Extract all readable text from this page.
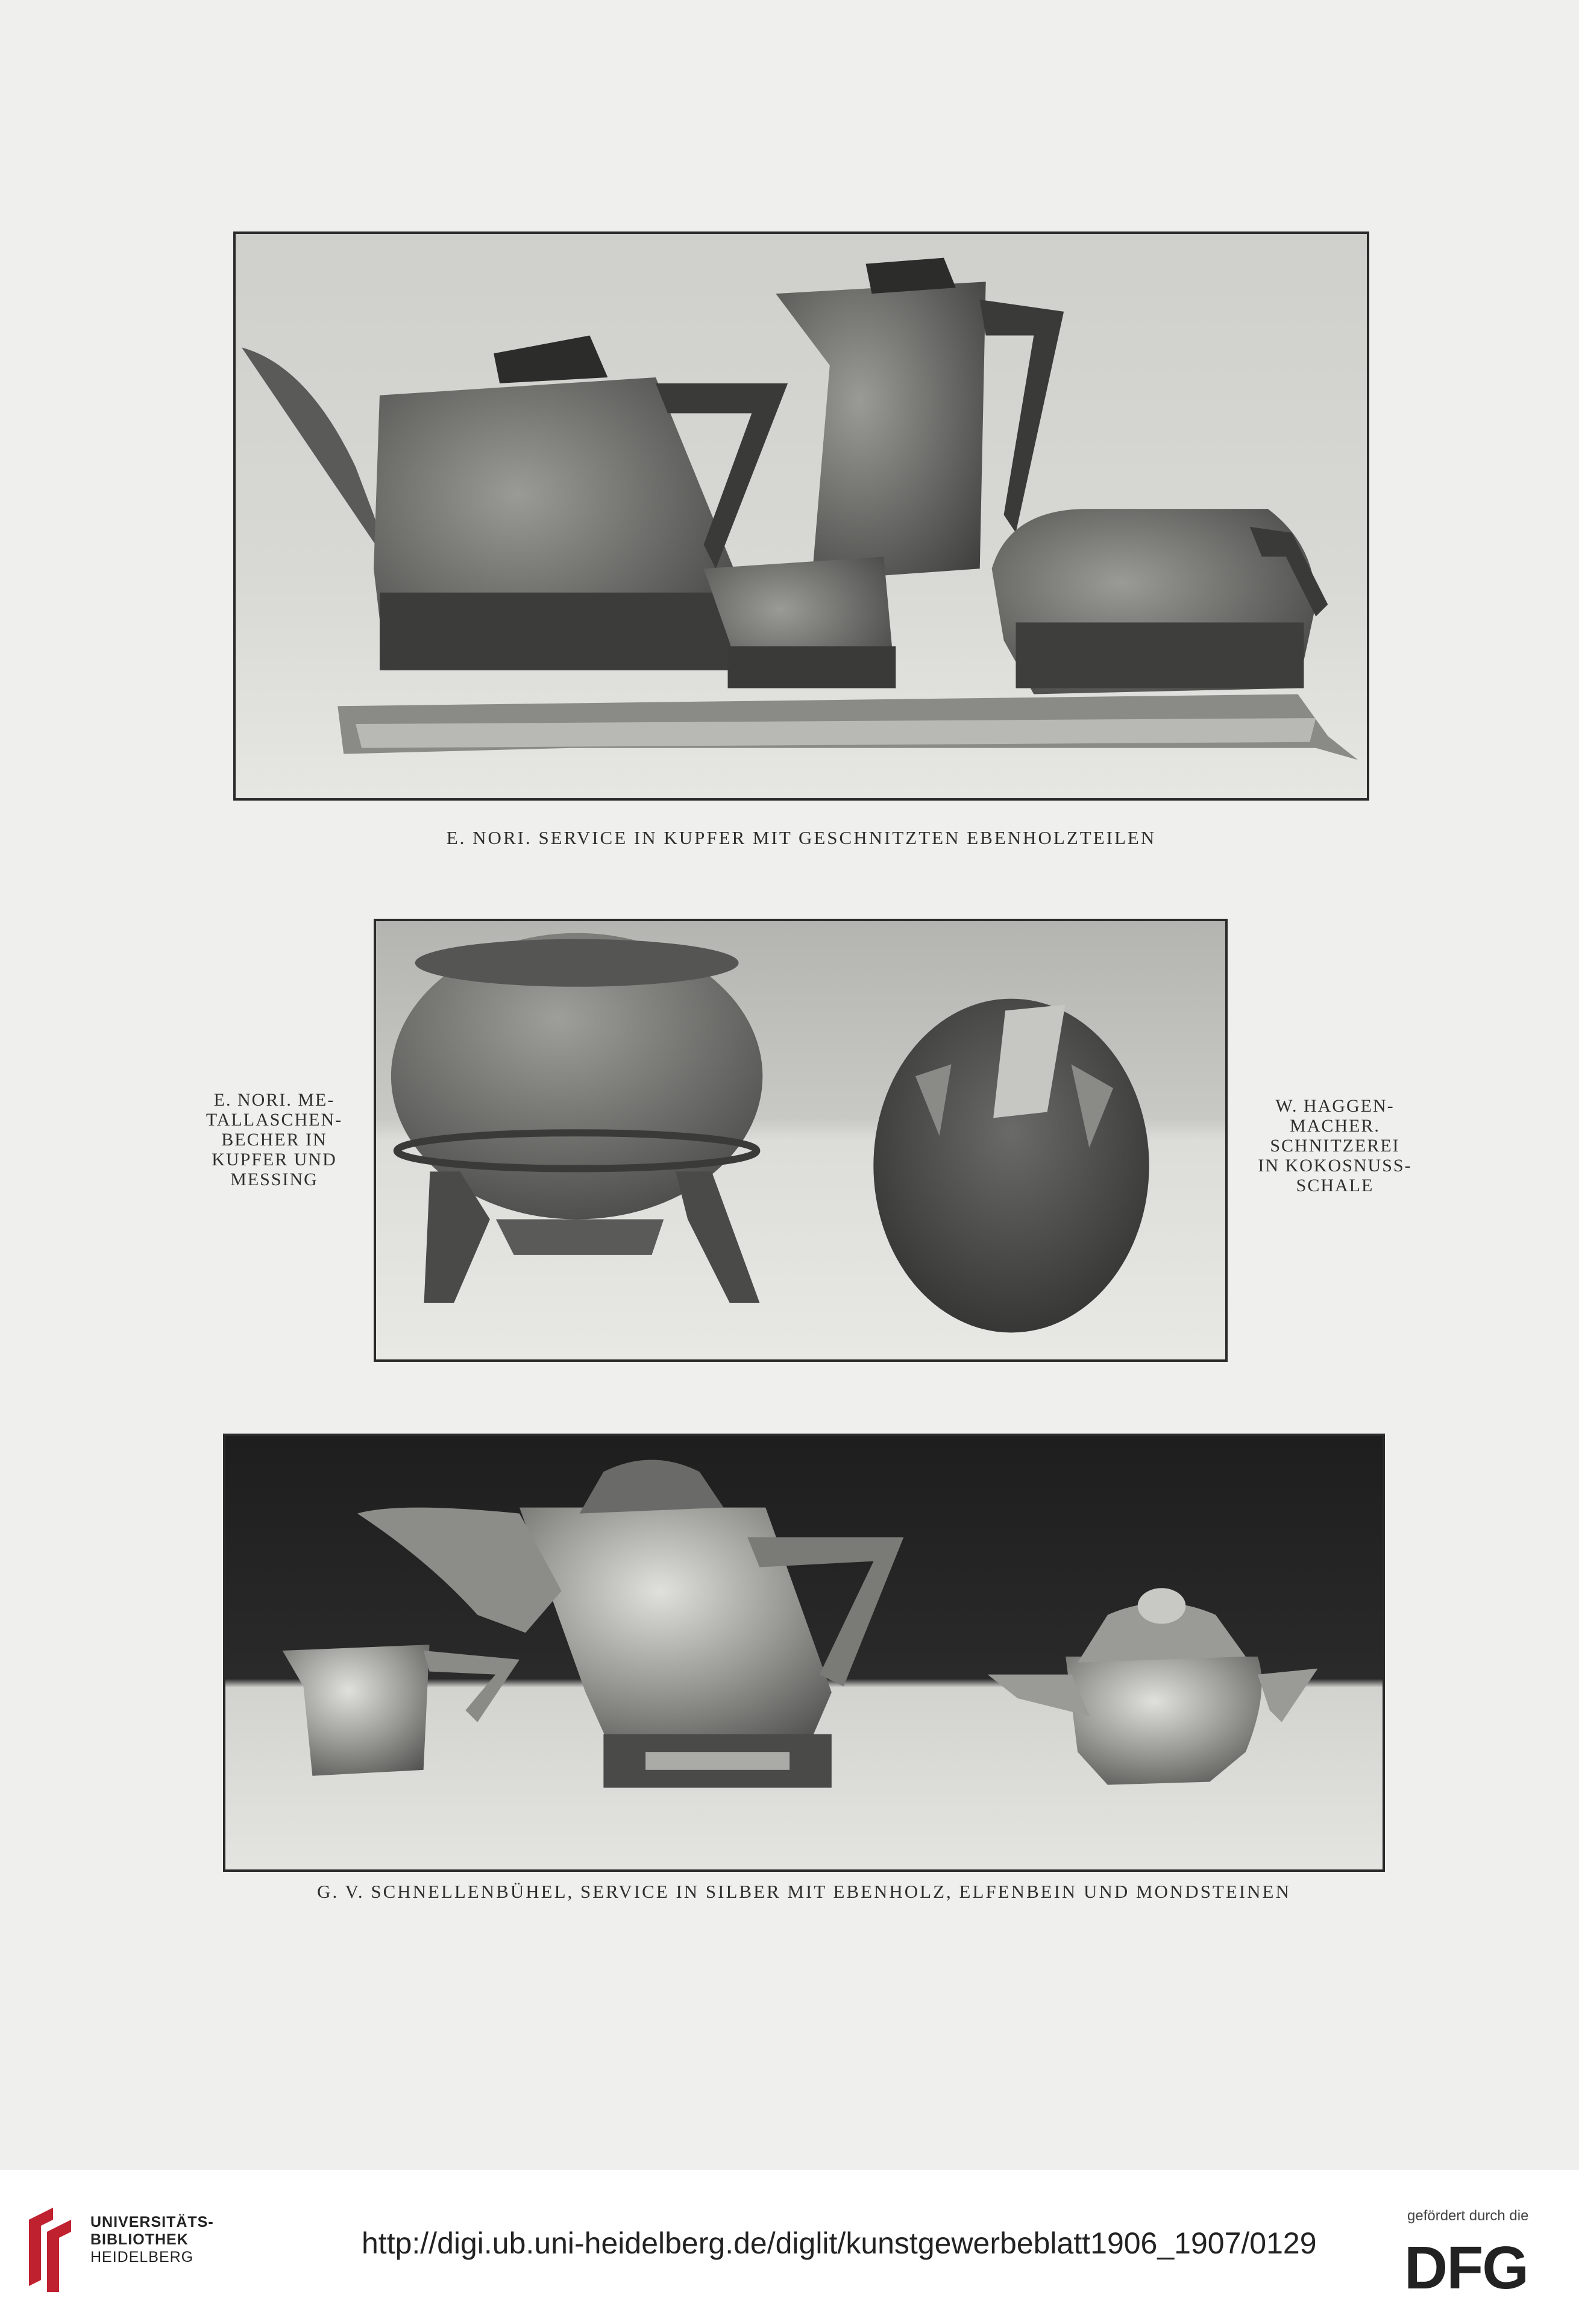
E. NORI. SERVICE IN KUPFER MIT GESCHNITZTEN EBENHOLZTEILEN
E. NORI. ME-
TALLASCHEN-
BECHER IN
KUPFER UND
MESSING
W. HAGGEN-
MACHER.
SCHNITZEREI
IN KOKOSNUSS-
SCHALE
G. V. SCHNELLENBÜHEL, SERVICE IN SILBER MIT EBENHOLZ, ELFENBEIN UND MONDSTEINEN
UNIVERSITÄTS-
BIBLIOTHEK
HEIDELBERG	http://digi.ub.uni-heidelberg.de/diglit/kunstgewerbeblatt1906_1907/0129
gefördert durch die
DFG
